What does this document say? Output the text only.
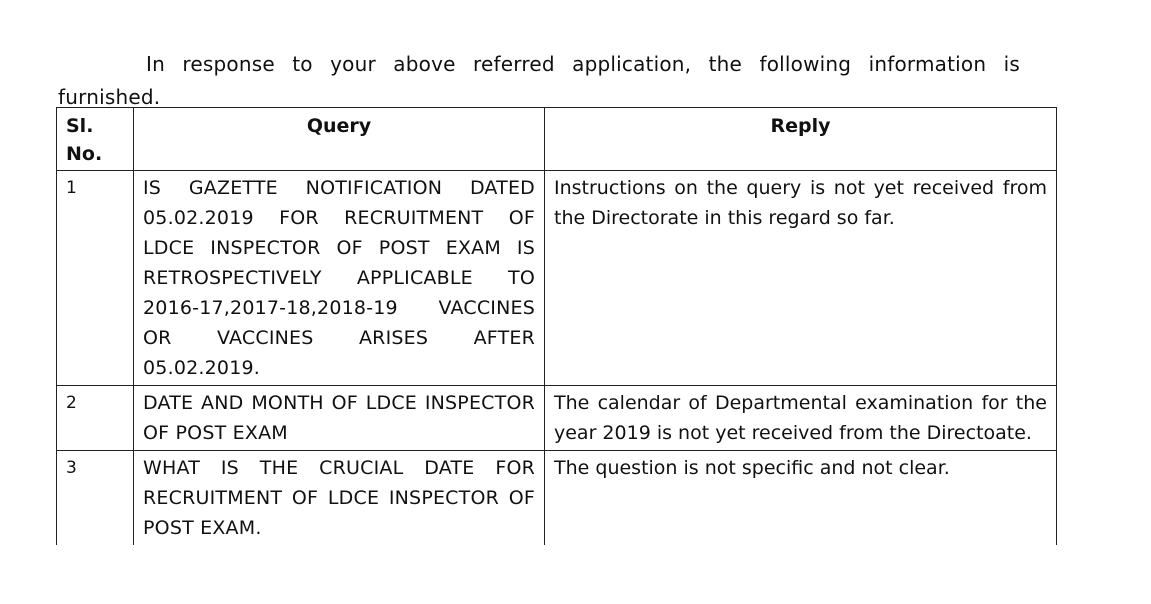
In response to your above referred application, the following information is furnished.

Sl. No.	Query	Reply
1	IS GAZETTE NOTIFICATION DATED 05.02.2019 FOR RECRUITMENT OF LDCE INSPECTOR OF POST EXAM IS RETROSPECTIVELY APPLICABLE TO 2016-17,2017-18,2018-19 VACCINES OR VACCINES ARISES AFTER 05.02.2019.	Instructions on the query is not yet received from the Directorate in this regard so far.
2	DATE AND MONTH OF LDCE INSPECTOR OF POST EXAM	The calendar of Departmental examination for the year 2019 is not yet received from the Directoate.
3	WHAT IS THE CRUCIAL DATE FOR RECRUITMENT OF LDCE INSPECTOR OF POST EXAM.	The question is not specific and not clear.
